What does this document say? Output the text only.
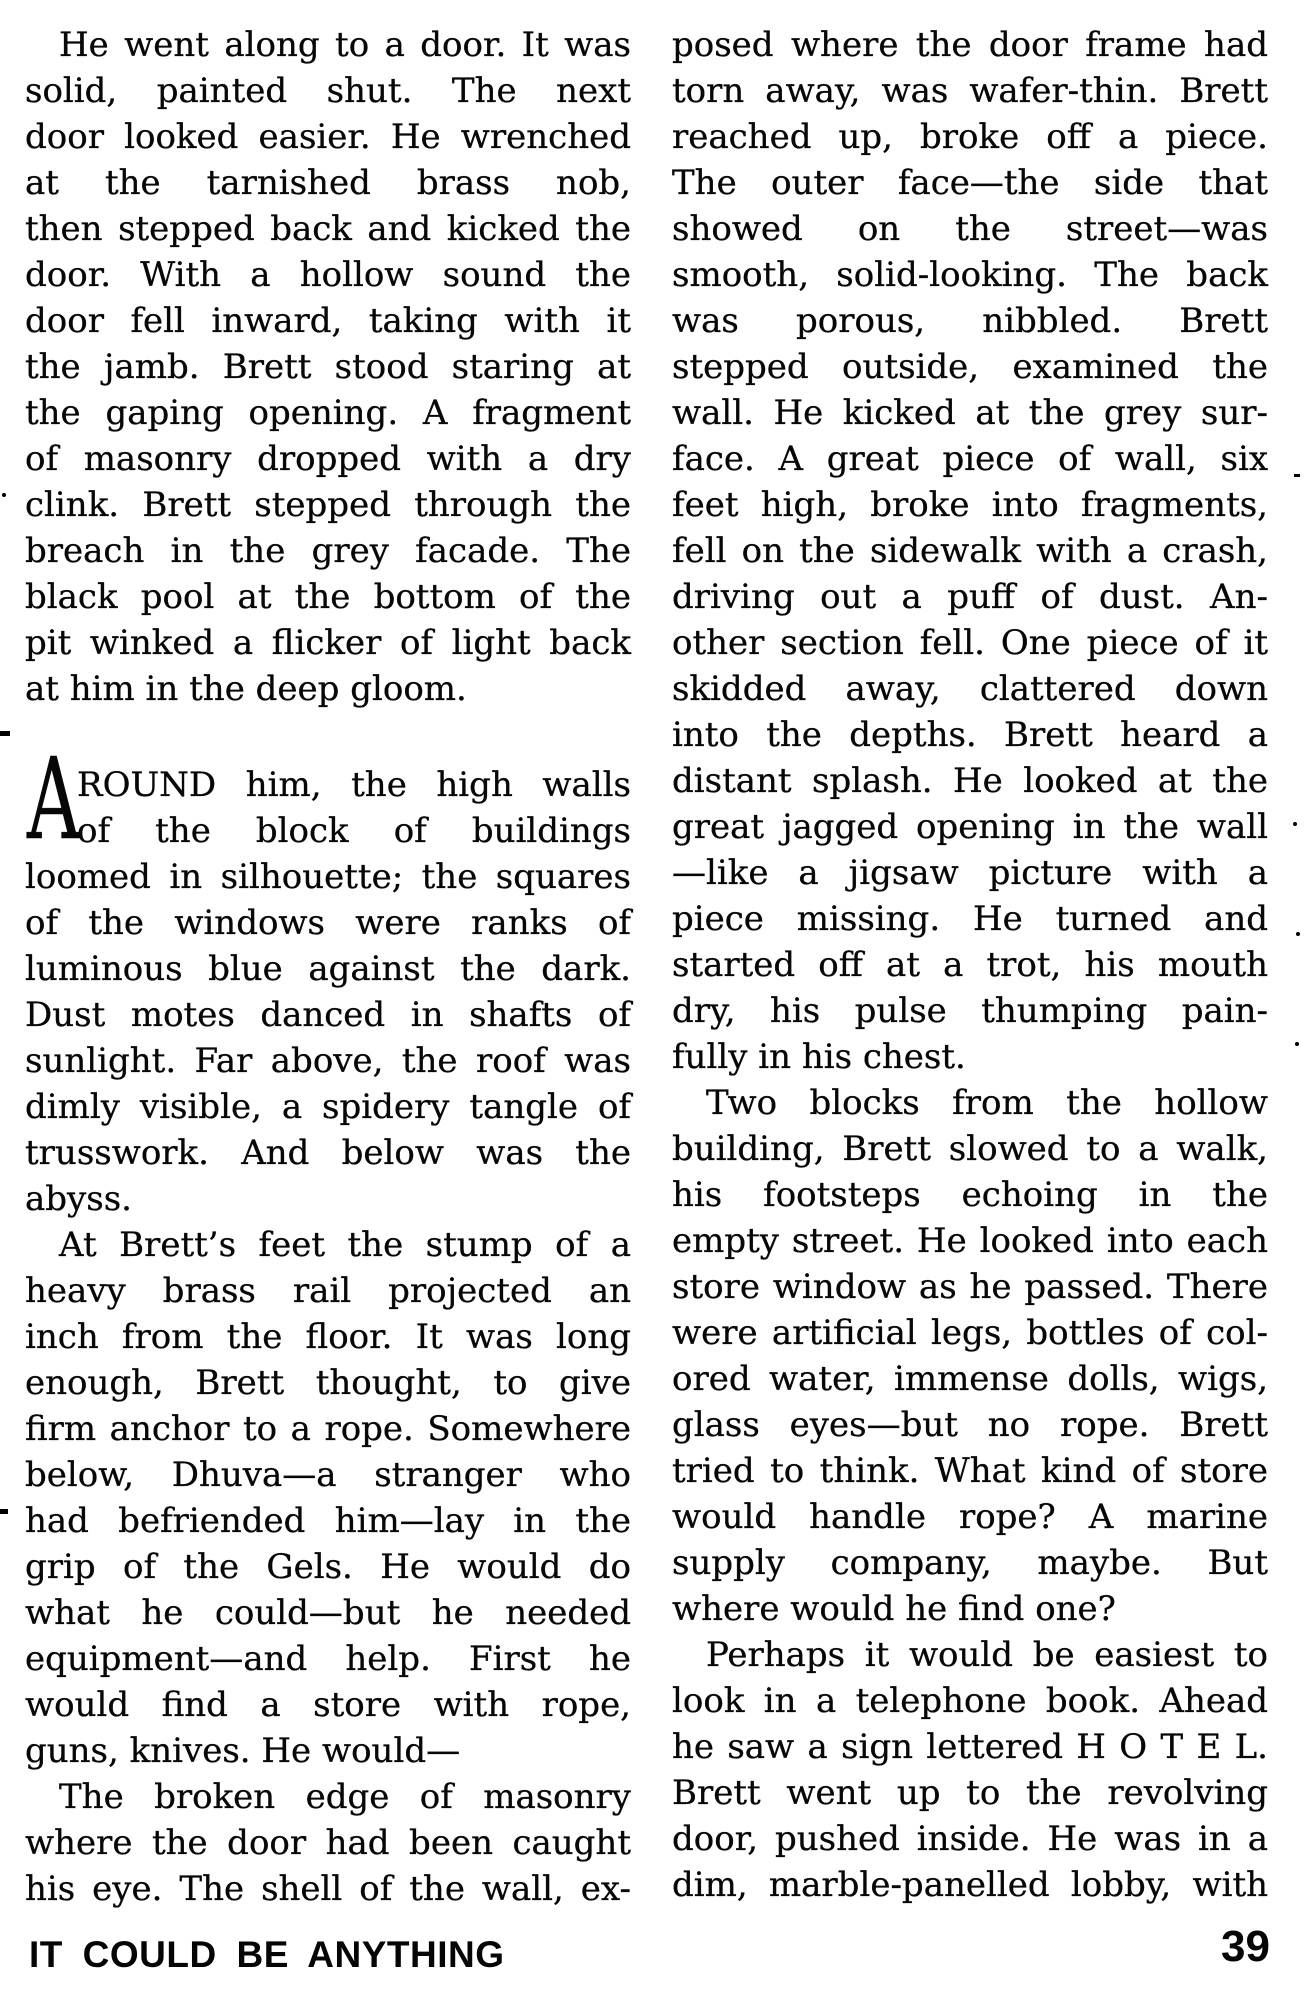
A
He went along to a door. It was
solid, painted shut. The next
door looked easier. He wrenched
at the tarnished brass nob,
then stepped back and kicked the
door. With a hollow sound the
door fell inward, taking with it
the jamb. Brett stood staring at
the gaping opening. A fragment
of masonry dropped with a dry
clink. Brett stepped through the
breach in the grey facade. The
black pool at the bottom of the
pit winked a flicker of light back
at him in the deep gloom.
ROUND him, the high walls
of the block of buildings
loomed in silhouette; the squares
of the windows were ranks of
luminous blue against the dark.
Dust motes danced in shafts of
sunlight. Far above, the roof was
dimly visible, a spidery tangle of
trusswork. And below was the
abyss.
At Brett’s feet the stump of a
heavy brass rail projected an
inch from the floor. It was long
enough, Brett thought, to give
firm anchor to a rope. Somewhere
below, Dhuva—a stranger who
had befriended him—lay in the
grip of the Gels. He would do
what he could—but he needed
equipment—and help. First he
would find a store with rope,
guns, knives. He would—
The broken edge of masonry
where the door had been caught
his eye. The shell of the wall, ex-
posed where the door frame had
torn away, was wafer-thin. Brett
reached up, broke off a piece.
The outer face—the side that
showed on the street—was
smooth, solid-looking. The back
was porous, nibbled. Brett
stepped outside, examined the
wall. He kicked at the grey sur-
face. A great piece of wall, six
feet high, broke into fragments,
fell on the sidewalk with a crash,
driving out a puff of dust. An-
other section fell. One piece of it
skidded away, clattered down
into the depths. Brett heard a
distant splash. He looked at the
great jagged opening in the wall
—like a jigsaw picture with a
piece missing. He turned and
started off at a trot, his mouth
dry, his pulse thumping pain-
fully in his chest.
Two blocks from the hollow
building, Brett slowed to a walk,
his footsteps echoing in the
empty street. He looked into each
store window as he passed. There
were artificial legs, bottles of col-
ored water, immense dolls, wigs,
glass eyes—but no rope. Brett
tried to think. What kind of store
would handle rope? A marine
supply company, maybe. But
where would he find one?
Perhaps it would be easiest to
look in a telephone book. Ahead
he saw a sign lettered H O T E L.
Brett went up to the revolving
door, pushed inside. He was in a
dim, marble-panelled lobby, with
IT COULD BE ANYTHING	39
